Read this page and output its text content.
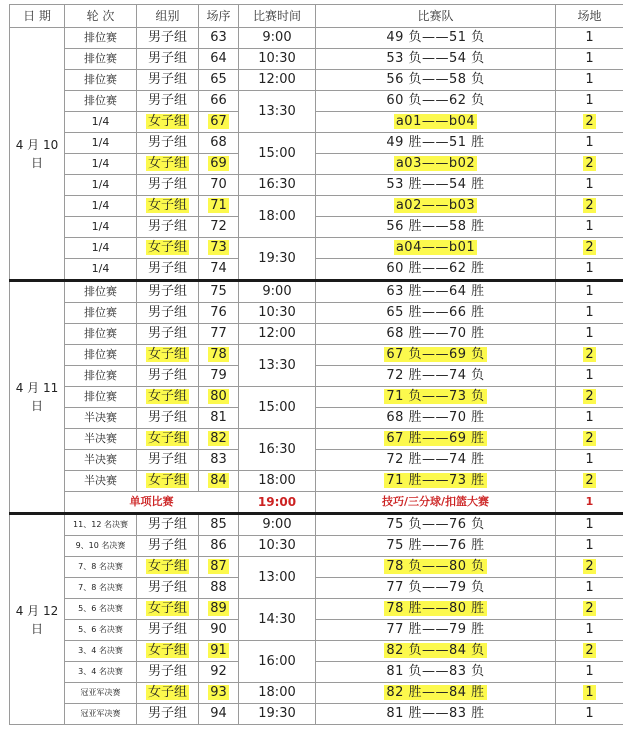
日 期	轮 次	组别	场序	比赛时间	比赛队	场地
4 月 10 日	排位赛	男子组	63	9:00	49 负——51 负	1
	排位赛	男子组	64	10:30	53 负——54 负	1
	排位赛	男子组	65	12:00	56 负——58 负	1
	排位赛	男子组	66	13:30	60 负——62 负	1
	1/4	女子组	67		a01——b04	2
	1/4	男子组	68	15:00	49 胜——51 胜	1
	1/4	女子组	69		a03——b02	2
	1/4	男子组	70	16:30	53 胜——54 胜	1
	1/4	女子组	71	18:00	a02——b03	2
	1/4	男子组	72		56 胜——58 胜	1
	1/4	女子组	73	19:30	a04——b01	2
	1/4	男子组	74		60 胜——62 胜	1
4 月 11 日	排位赛	男子组	75	9:00	63 胜——64 胜	1
	排位赛	男子组	76	10:30	65 胜——66 胜	1
	排位赛	男子组	77	12:00	68 胜——70 胜	1
	排位赛	女子组	78	13:30	67 负——69 负	2
	排位赛	男子组	79		72 胜——74 负	1
	排位赛	女子组	80	15:00	71 负——73 负	2
	半决赛	男子组	81		68 胜——70 胜	1
	半决赛	女子组	82	16:30	67 胜——69 胜	2
	半决赛	男子组	83		72 胜——74 胜	1
	半决赛	女子组	84	18:00	71 胜——73 胜	2
	单项比赛			19:00	技巧/三分球/扣篮大赛	1
4 月 12 日	11、12 名决赛	男子组	85	9:00	75 负——76 负	1
	9、10 名决赛	男子组	86	10:30	75 胜——76 胜	1
	7、8 名决赛	女子组	87	13:00	78 负——80 负	2
	7、8 名决赛	男子组	88		77 负——79 负	1
	5、6 名决赛	女子组	89	14:30	78 胜——80 胜	2
	5、6 名决赛	男子组	90		77 胜——79 胜	1
	3、4 名决赛	女子组	91	16:00	82 负——84 负	2
	3、4 名决赛	男子组	92		81 负——83 负	1
	冠亚军决赛	女子组	93	18:00	82 胜——84 胜	1
	冠亚军决赛	男子组	94	19:30	81 胜——83 胜	1
